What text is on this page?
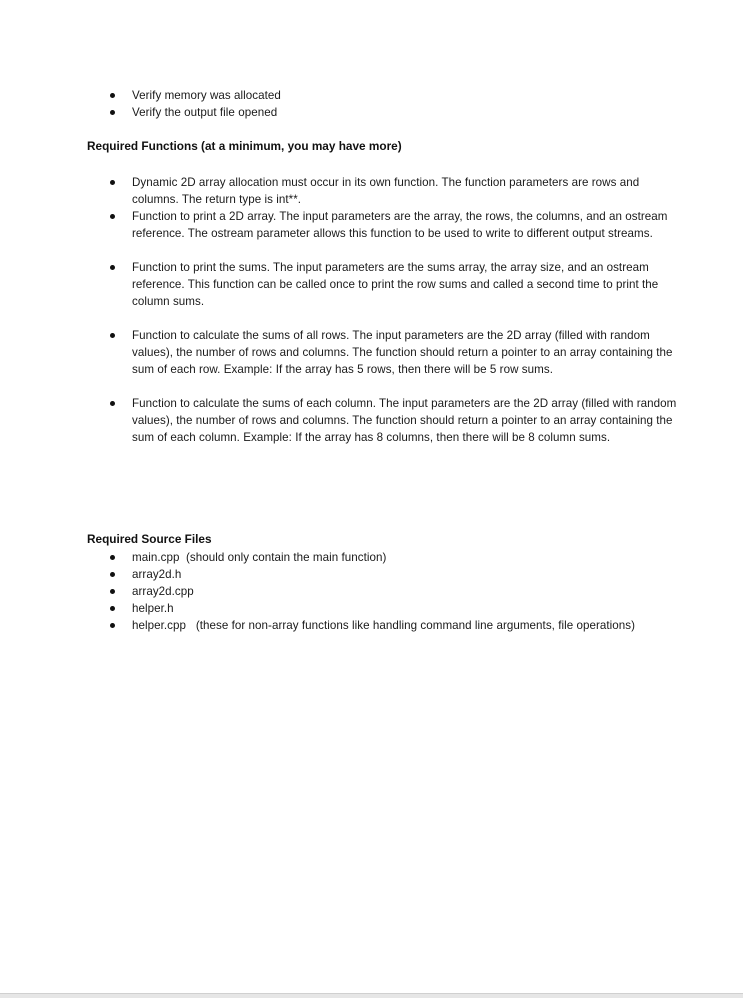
Verify memory was allocated
Verify the output file opened
Required Functions (at a minimum, you may have more)
Dynamic 2D array allocation must occur in its own function. The function parameters are rows and columns. The return type is int**.
Function to print a 2D array. The input parameters are the array, the rows, the columns, and an ostream reference. The ostream parameter allows this function to be used to write to different output streams.
Function to print the sums. The input parameters are the sums array, the array size, and an ostream reference. This function can be called once to print the row sums and called a second time to print the column sums.
Function to calculate the sums of all rows. The input parameters are the 2D array (filled with random values), the number of rows and columns. The function should return a pointer to an array containing the sum of each row. Example: If the array has 5 rows, then there will be 5 row sums.
Function to calculate the sums of each column. The input parameters are the 2D array (filled with random values), the number of rows and columns. The function should return a pointer to an array containing the sum of each column. Example: If the array has 8 columns, then there will be 8 column sums.
Required Source Files
main.cpp  (should only contain the main function)
array2d.h
array2d.cpp
helper.h
helper.cpp   (these for non-array functions like handling command line arguments, file operations)
